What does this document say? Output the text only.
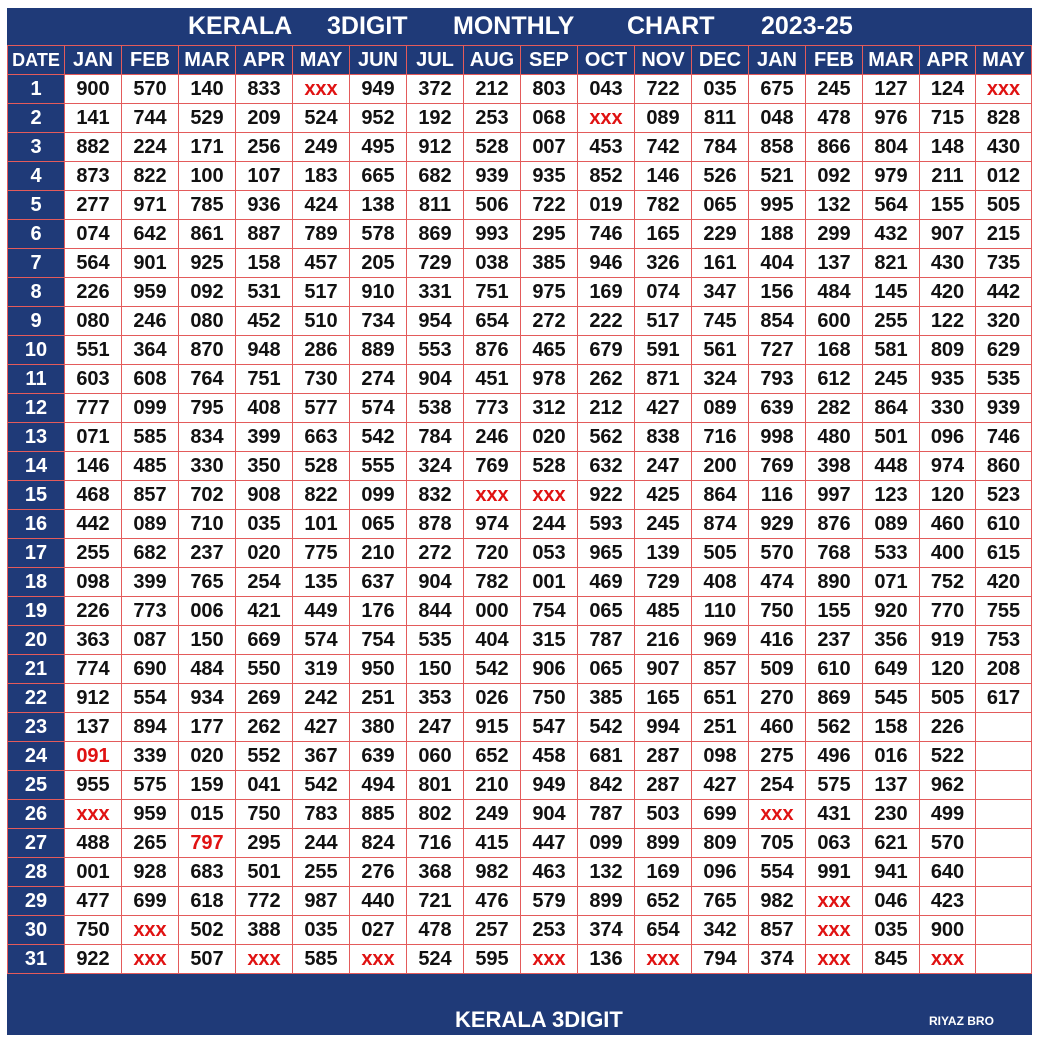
KERALA 3DIGIT MONTHLY CHART 2023-25
DATE	JAN	FEB	MAR	APR	MAY	JUN	JUL	AUG	SEP	OCT	NOV	DEC	JAN	FEB	MAR	APR	MAY
1	900	570	140	833	xxx	949	372	212	803	043	722	035	675	245	127	124	xxx
2	141	744	529	209	524	952	192	253	068	xxx	089	811	048	478	976	715	828
3	882	224	171	256	249	495	912	528	007	453	742	784	858	866	804	148	430
4	873	822	100	107	183	665	682	939	935	852	146	526	521	092	979	211	012
5	277	971	785	936	424	138	811	506	722	019	782	065	995	132	564	155	505
6	074	642	861	887	789	578	869	993	295	746	165	229	188	299	432	907	215
7	564	901	925	158	457	205	729	038	385	946	326	161	404	137	821	430	735
8	226	959	092	531	517	910	331	751	975	169	074	347	156	484	145	420	442
9	080	246	080	452	510	734	954	654	272	222	517	745	854	600	255	122	320
10	551	364	870	948	286	889	553	876	465	679	591	561	727	168	581	809	629
11	603	608	764	751	730	274	904	451	978	262	871	324	793	612	245	935	535
12	777	099	795	408	577	574	538	773	312	212	427	089	639	282	864	330	939
13	071	585	834	399	663	542	784	246	020	562	838	716	998	480	501	096	746
14	146	485	330	350	528	555	324	769	528	632	247	200	769	398	448	974	860
15	468	857	702	908	822	099	832	xxx	xxx	922	425	864	116	997	123	120	523
16	442	089	710	035	101	065	878	974	244	593	245	874	929	876	089	460	610
17	255	682	237	020	775	210	272	720	053	965	139	505	570	768	533	400	615
18	098	399	765	254	135	637	904	782	001	469	729	408	474	890	071	752	420
19	226	773	006	421	449	176	844	000	754	065	485	110	750	155	920	770	755
20	363	087	150	669	574	754	535	404	315	787	216	969	416	237	356	919	753
21	774	690	484	550	319	950	150	542	906	065	907	857	509	610	649	120	208
22	912	554	934	269	242	251	353	026	750	385	165	651	270	869	545	505	617
23	137	894	177	262	427	380	247	915	547	542	994	251	460	562	158	226	
24	091	339	020	552	367	639	060	652	458	681	287	098	275	496	016	522	
25	955	575	159	041	542	494	801	210	949	842	287	427	254	575	137	962	
26	xxx	959	015	750	783	885	802	249	904	787	503	699	xxx	431	230	499	
27	488	265	797	295	244	824	716	415	447	099	899	809	705	063	621	570	
28	001	928	683	501	255	276	368	982	463	132	169	096	554	991	941	640	
29	477	699	618	772	987	440	721	476	579	899	652	765	982	xxx	046	423	
30	750	xxx	502	388	035	027	478	257	253	374	654	342	857	xxx	035	900	
31	922	xxx	507	xxx	585	xxx	524	595	xxx	136	xxx	794	374	xxx	845	xxx	
KERALA 3DIGIT	RIYAZ BRO
